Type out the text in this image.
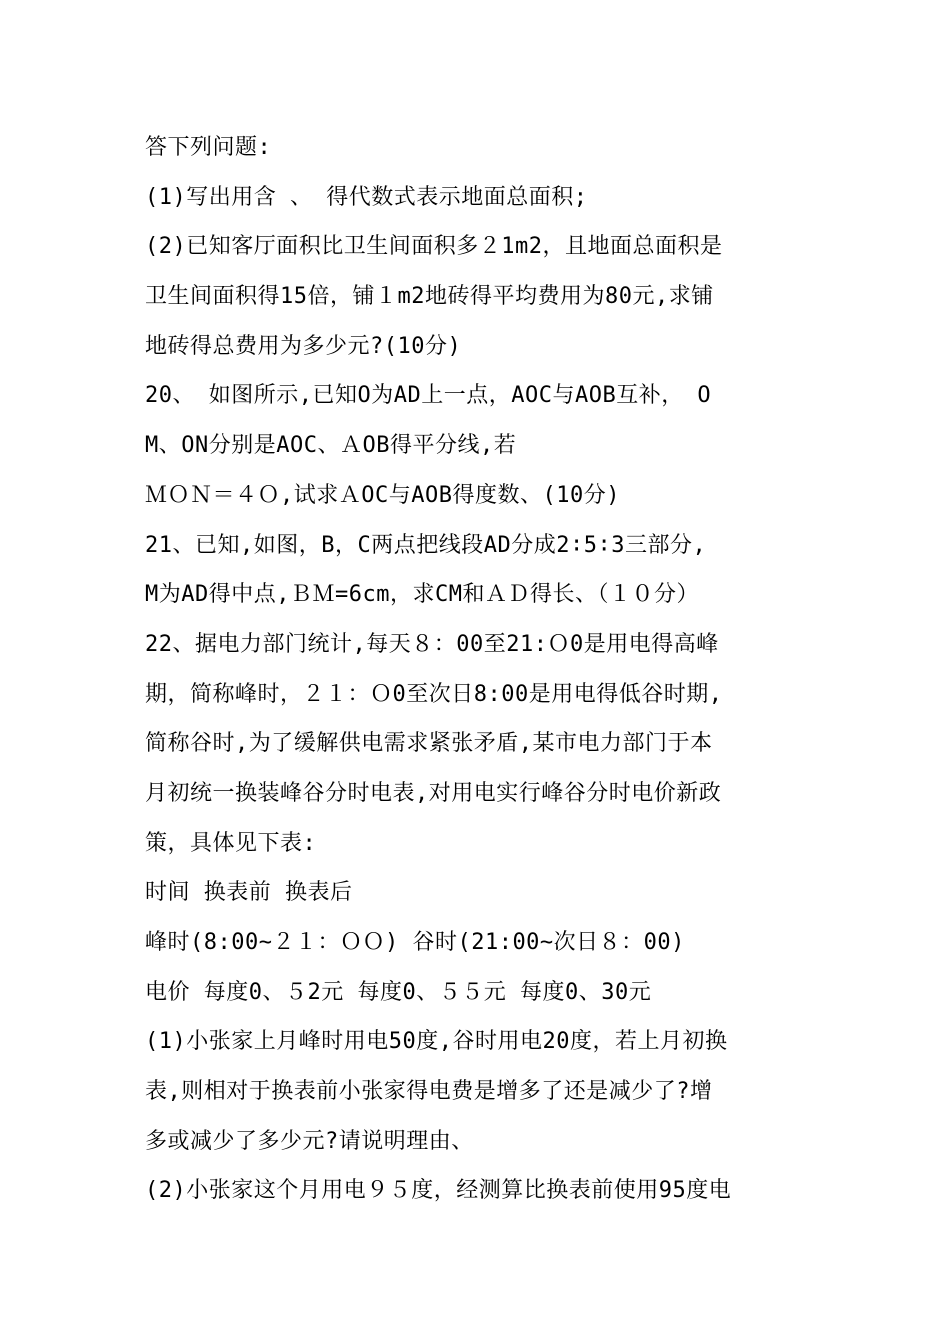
答下列问题:
(1)写出用含 、 得代数式表示地面总面积;
(2)已知客厅面积比卫生间面积多２1m2，且地面总面积是
卫生间面积得15倍，铺１m2地砖得平均费用为80元,求铺
地砖得总费用为多少元?(10分)
20、 如图所示,已知O为AD上一点，AOC与AOB互补， O
M、ON分别是AOC、ＡOB得平分线,若
ＭＯＮ＝４Ｏ,试求ＡOC与AOB得度数、(10分)
21、已知,如图，B，C两点把线段AD分成2∶5∶3三部分,
M为AD得中点,ＢＭ=6cm，求CM和ＡＤ得长、（１０分）
22、据电力部门统计,每天８：00至21:Ｏ0是用电得高峰
期，简称峰时，２１：Ｏ0至次日8:00是用电得低谷时期,
简称谷时,为了缓解供电需求紧张矛盾,某市电力部门于本
月初统一换装峰谷分时电表,对用电实行峰谷分时电价新政
策，具体见下表:
时间 换表前 换表后
峰时(8:00~２１：ＯＯ) 谷时(21:00~次日８：00)
电价 每度0、５2元 每度0、５５元 每度0、30元
(1)小张家上月峰时用电50度,谷时用电20度，若上月初换
表,则相对于换表前小张家得电费是增多了还是减少了?增
多或减少了多少元?请说明理由、
(2)小张家这个月用电９５度，经测算比换表前使用95度电
